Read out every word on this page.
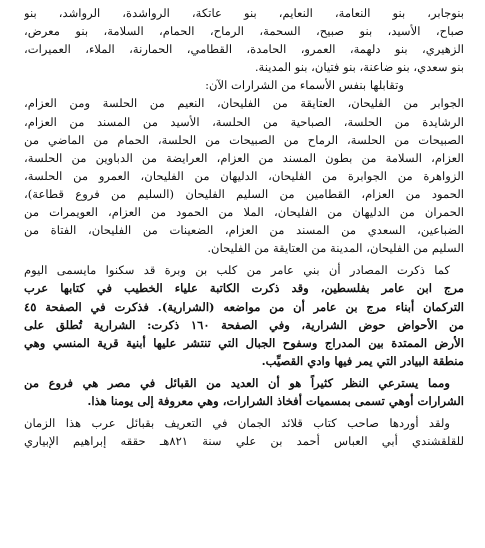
بنوجابر، بنو النعامة، النعايم، بنو عاتكة، الرواشدة، الرواشد، بنو
صباح، الأسيد، بنو صبيح، السحمة، الرماح، الحمام، السلامة، بنو معرض،
الزهيري، بنو دلهمة، العمرو، الحامدة، القطامي، الحمارنة، الملاء، العميرات،
بنو سعدي، بنو ضاعنة، بنو فتيان، بنو المدينة.
وتقابلها بنفس الأسماء من الشرارات الآن:
الجوابر من الفليحان، العتايقة من الفليحان، النعيم من الحلسة ومن العزام،
الرشايدة من الحلسة، الصباحية من الحلسة، الأسيد من المسند من العزام،
الصبيحات من الحلسة، الرماح من الصبيحات من الحلسة، الحمام من الماضي من
العزام، السلامة من بطون المسند من العزام، العرايضة من الدباوين من الحلسة،
الزواهرة من الجوابرة من الفليحان، الدليهان من الفليحان، العمرو من الحلسة،
الحمود من العزام، القطامين من السليم الفليحان (السليم من فروع قطاعة)،
الحمران من الدليهان من الفليحان، الملا من الحمود من العزام، العويمرات من
الضباعين، السعدي من المسند من العزام، الضعينات من الفليحان، الفتاة من
السليم من الفليحان، المدينة من العتايقة من الفليحان.
كما ذكرت المصادر أن بني عامر من كلب بن وبرة قد سكنوا مايسمى اليوم
مرج ابن عامر بفلسطين، وقد ذكرت الكاتبة علياء الخطيب في كتابها عرب
التركمان أبناء مرج بن عامر أن من مواضعه (الشرارية). فذكرت في الصفحة ٤٥
من الأحواض حوض الشرارية، وفي الصفحة ١٦٠ ذكرت: الشرارية تُطلق على
الأرض الممتدة بين المدراج وسفوح الجبال التي تنتشر عليها أبنية قرية المنسي وهي
منطقة البيادر التي يمر فيها وادي القصيِّب.
ومما يسترعي النظر كثيراً هو أن العديد من القبائل في مصر هي فروع من
الشرارات أوهي تسمى بمسميات أفخاذ الشرارات، وهي معروفة إلى يومنا هذا.
ولقد أوردها صاحب كتاب قلائد الجمان في التعريف بقبائل عرب هذا الزمان
للقلقشندي أبي العباس أحمد بن علي سنة ٨٢١هـ حققه إبراهيم الإبياري
